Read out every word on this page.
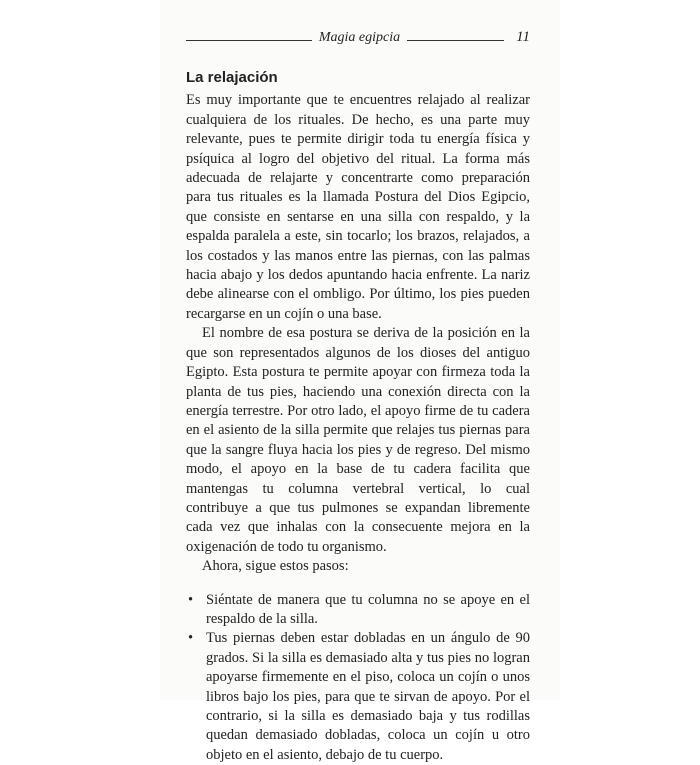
Magia egipcia	11
La relajación

Es muy importante que te encuentres relajado al realizar cualquiera de los rituales. De hecho, es una parte muy relevante, pues te permite dirigir toda tu energía física y psíquica al logro del objetivo del ritual. La forma más adecuada de relajarte y concentrarte como preparación para tus rituales es la llamada Postura del Dios Egipcio, que consiste en sentarse en una silla con respaldo, y la espalda paralela a este, sin tocarlo; los brazos, relajados, a los costados y las manos entre las piernas, con las palmas hacia abajo y los dedos apuntando hacia enfrente. La nariz debe alinearse con el ombligo. Por último, los pies pueden recargarse en un cojín o una base.

El nombre de esa postura se deriva de la posición en la que son representados algunos de los dioses del antiguo Egipto. Esta postura te permite apoyar con firmeza toda la planta de tus pies, haciendo una conexión directa con la energía terrestre. Por otro lado, el apoyo firme de tu cadera en el asiento de la silla permite que relajes tus piernas para que la sangre fluya hacia los pies y de regreso. Del mismo modo, el apoyo en la base de tu cadera facilita que mantengas tu columna vertebral vertical, lo cual contribuye a que tus pulmones se expandan libremente cada vez que inhalas con la consecuente mejora en la oxigenación de todo tu organismo.

Ahora, sigue estos pasos:

• Siéntate de manera que tu columna no se apoye en el respaldo de la silla.
• Tus piernas deben estar dobladas en un ángulo de 90 grados. Si la silla es demasiado alta y tus pies no logran apoyarse firmemente en el piso, coloca un cojín o unos libros bajo los pies, para que te sirvan de apoyo. Por el contrario, si la silla es demasiado baja y tus rodillas quedan demasiado dobladas, coloca un cojín u otro objeto en el asiento, debajo de tu cuerpo.
